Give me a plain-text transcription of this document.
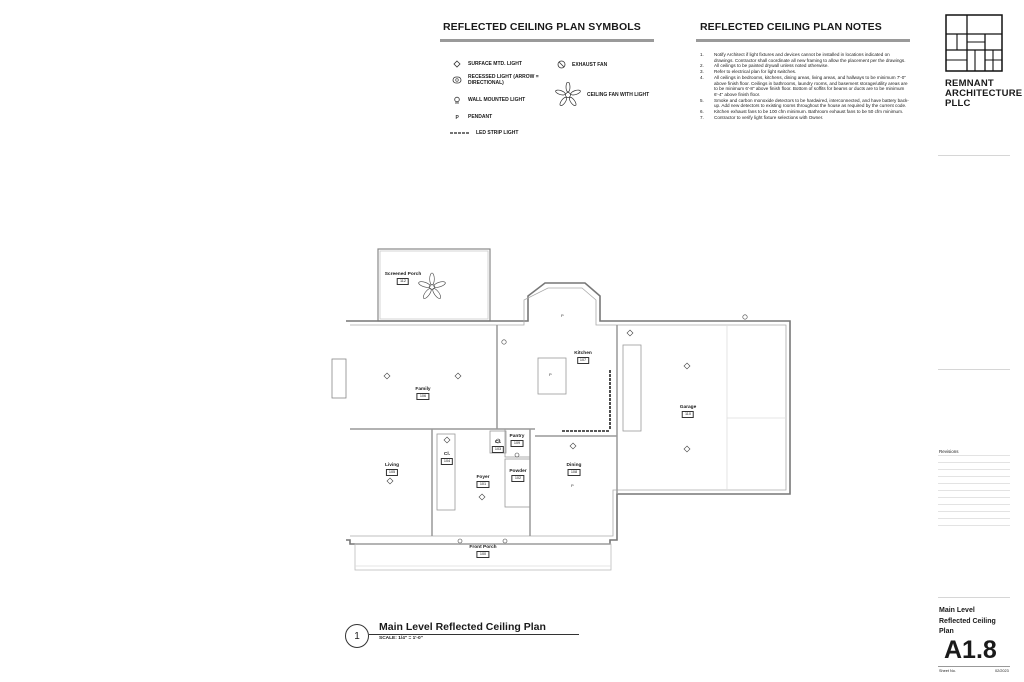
REFLECTED CEILING PLAN SYMBOLS	REFLECTED CEILING PLAN NOTES
SURFACE MTD. LIGHT
RECESSED LIGHT (ARROW = DIRECTIONAL)
WALL MOUNTED LIGHT
P PENDANT
LED STRIP LIGHT
EXHAUST FAN
CEILING FAN WITH LIGHT
1.	Notify Architect if light fixtures and devices cannot be installed in locations indicated on drawings. Contractor shall coordinate all new framing to allow the placement per the drawings.
2.	All ceilings to be painted drywall unless noted otherwise.
3.	Refer to electrical plan for light switches.
4.	All ceilings in bedrooms, kitchens, dining areas, living areas, and hallways to be minimum 7'-0" above finish floor. Ceilings in bathrooms, laundry rooms, and basement storage/utility areas are to be minimum 6'-8" above finish floor. Bottom of soffits for beams or ducts are to be minimum 6'-4" above finish floor.
5.	Smoke and carbon monoxide detectors to be hardwired, interconnected, and have battery back-up. Add new detectors to existing rooms throughout the house as required by the current code.
6.	Kitchen exhaust fans to be 100 cfm minimum. Bathroom exhaust fans to be 50 cfm minimum.
7.	Contractor to verify light fixture selections with Owner.
REMNANT
ARCHITECTURE
PLLC
Revisions
Main Level
Reflected Ceiling
Plan
A1.8
Sheet No.	02/2023
P
P
P
Screened Porch
112
Kitchen
107
Family
106
Garage
110
Living
105
Cl.
104
Foyer
101
Cl.
103
Pantry
109
Powder
102
Dining
108
Front Porch
100
1
Main Level Reflected Ceiling Plan
SCALE: 1/4" = 1'-0"
